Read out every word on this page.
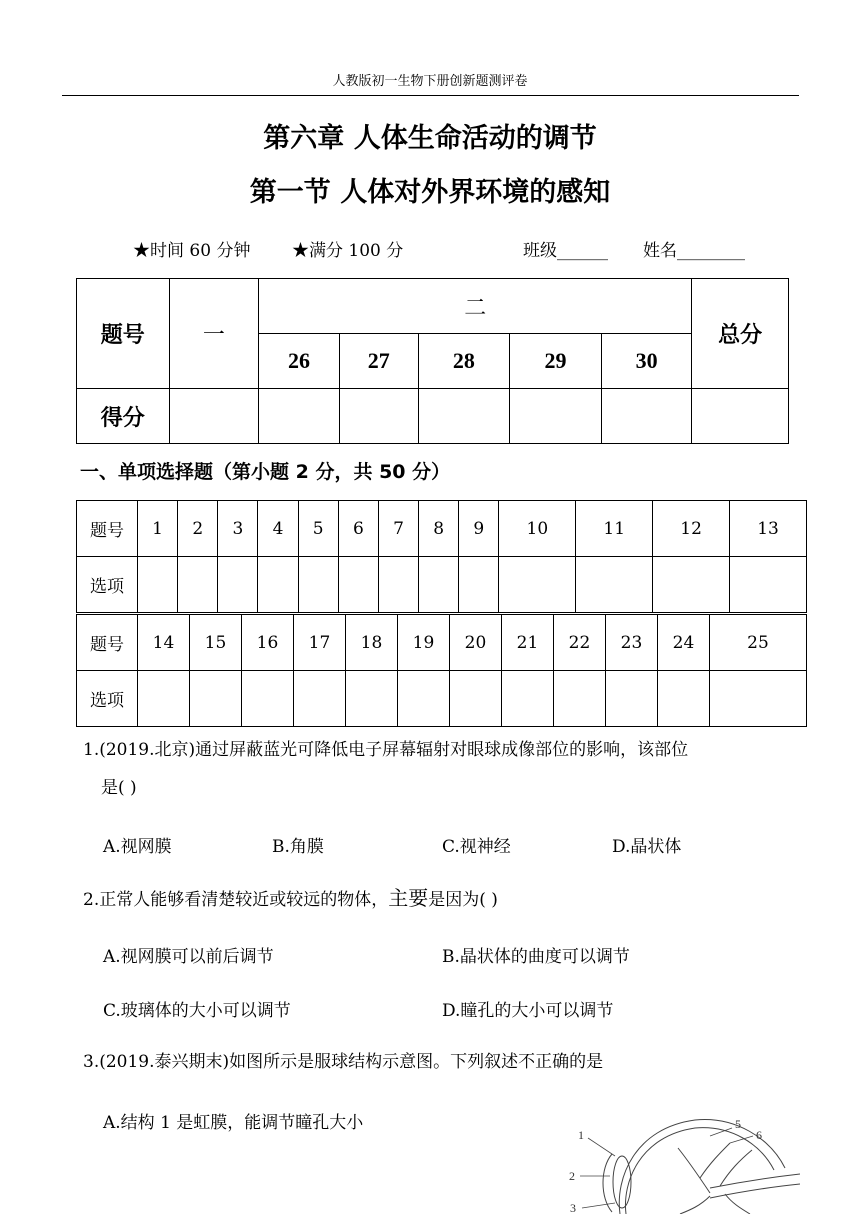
人教版初一生物下册创新题测评卷
第六章 人体生命活动的调节
第一节 人体对外界环境的感知
★时间 60 分钟 ★满分 100 分	班级______ 姓名________
题号	一	二					总分
		26	27	28	29	30	
得分							
一、单项选择题（第小题 2 分，共 50 分）
题号	1	2	3	4	5	6	7	8	9	10	11	12	13
选项													
题号	14	15	16	17	18	19	20	21	22	23	24	25
选项												
1.(2019.北京)通过屏蔽蓝光可降低电子屏幕辐射对眼球成像部位的影响，该部位
是( )
A.视网膜	B.角膜	C.视神经	D.晶状体
2.正常人能够看清楚较近或较远的物体，主要是因为( )
A.视网膜可以前后调节	B.晶状体的曲度可以调节
C.玻璃体的大小可以调节	D.瞳孔的大小可以调节
3.(2019.泰兴期末)如图所示是服球结构示意图。下列叙述不正确的是
A.结构 1 是虹膜，能调节瞳孔大小
1
2
3
5
6
